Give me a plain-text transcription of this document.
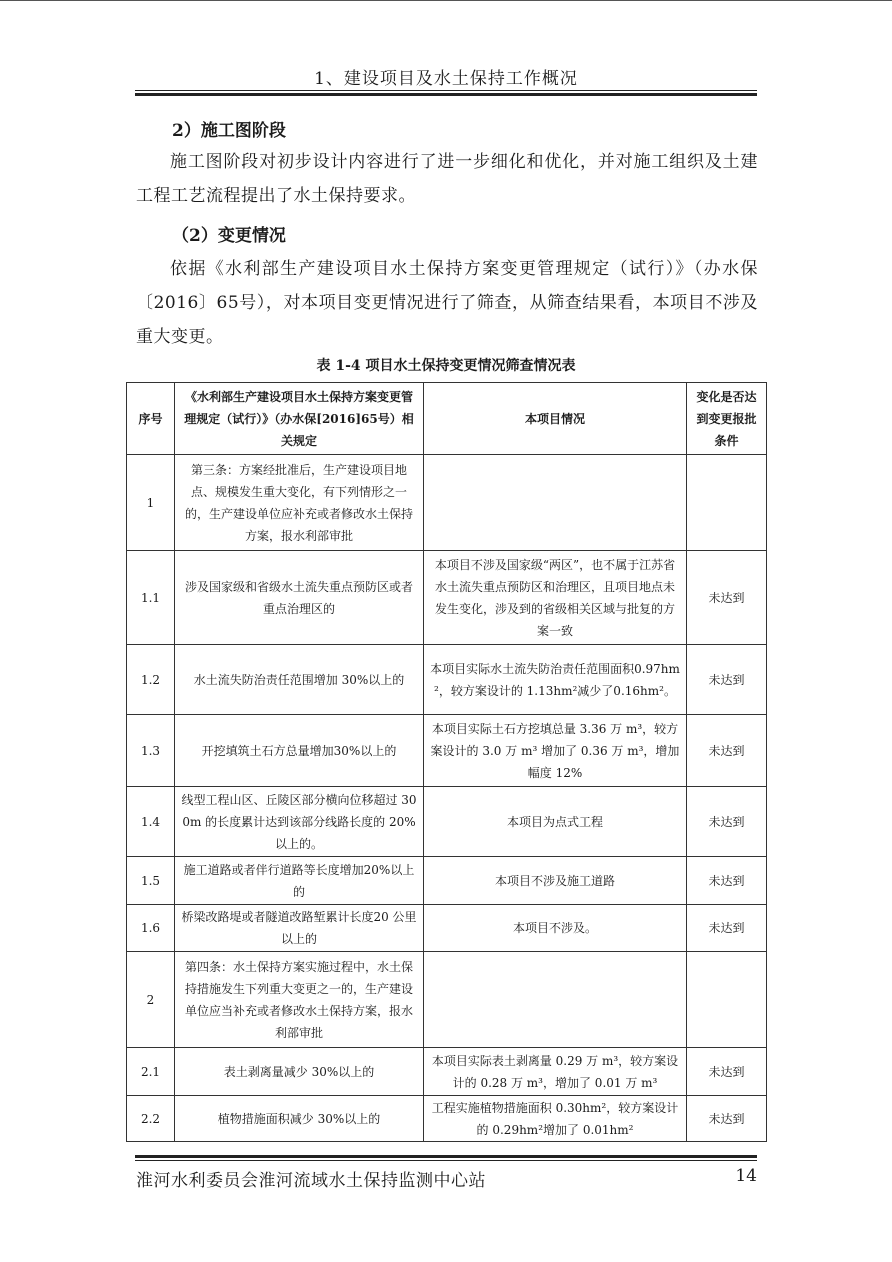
1、建设项目及水土保持工作概况
2）施工图阶段
施工图阶段对初步设计内容进行了进一步细化和优化，并对施工组织及土建工程工艺流程提出了水土保持要求。
（2）变更情况
依据《水利部生产建设项目水土保持方案变更管理规定（试行）》（办水保〔2016〕65号），对本项目变更情况进行了筛查，从筛查结果看，本项目不涉及重大变更。
表 1-4 项目水土保持变更情况筛查情况表
序号	《水利部生产建设项目水土保持方案变更管理规定（试行）》（办水保[2016]65号）相关规定	本项目情况	变化是否达到变更报批条件
1	第三条：方案经批准后，生产建设项目地点、规模发生重大变化，有下列情形之一的，生产建设单位应补充或者修改水土保持方案，报水利部审批		
1.1	涉及国家级和省级水土流失重点预防区或者重点治理区的	本项目不涉及国家级“两区”，也不属于江苏省水土流失重点预防区和治理区，且项目地点未发生变化，涉及到的省级相关区域与批复的方案一致	未达到
1.2	水土流失防治责任范围增加 30%以上的	本项目实际水土流失防治责任范围面积0.97hm²，较方案设计的 1.13hm²减少了0.16hm²。	未达到
1.3	开挖填筑土石方总量增加30%以上的	本项目实际土石方挖填总量 3.36 万 m³，较方案设计的 3.0 万 m³ 增加了 0.36 万 m³，增加幅度 12%	未达到
1.4	线型工程山区、丘陵区部分横向位移超过 300m 的长度累计达到该部分线路长度的 20%以上的。	本项目为点式工程	未达到
1.5	施工道路或者伴行道路等长度增加20%以上的	本项目不涉及施工道路	未达到
1.6	桥梁改路堤或者隧道改路堑累计长度20 公里以上的	本项目不涉及。	未达到
2	第四条：水土保持方案实施过程中，水土保持措施发生下列重大变更之一的，生产建设单位应当补充或者修改水土保持方案，报水利部审批		
2.1	表土剥离量减少 30%以上的	本项目实际表土剥离量 0.29 万 m³，较方案设计的 0.28 万 m³，增加了 0.01 万 m³	未达到
2.2	植物措施面积减少 30%以上的	工程实施植物措施面积 0.30hm²，较方案设计的 0.29hm²增加了 0.01hm²	未达到
淮河水利委员会淮河流域水土保持监测中心站	14
